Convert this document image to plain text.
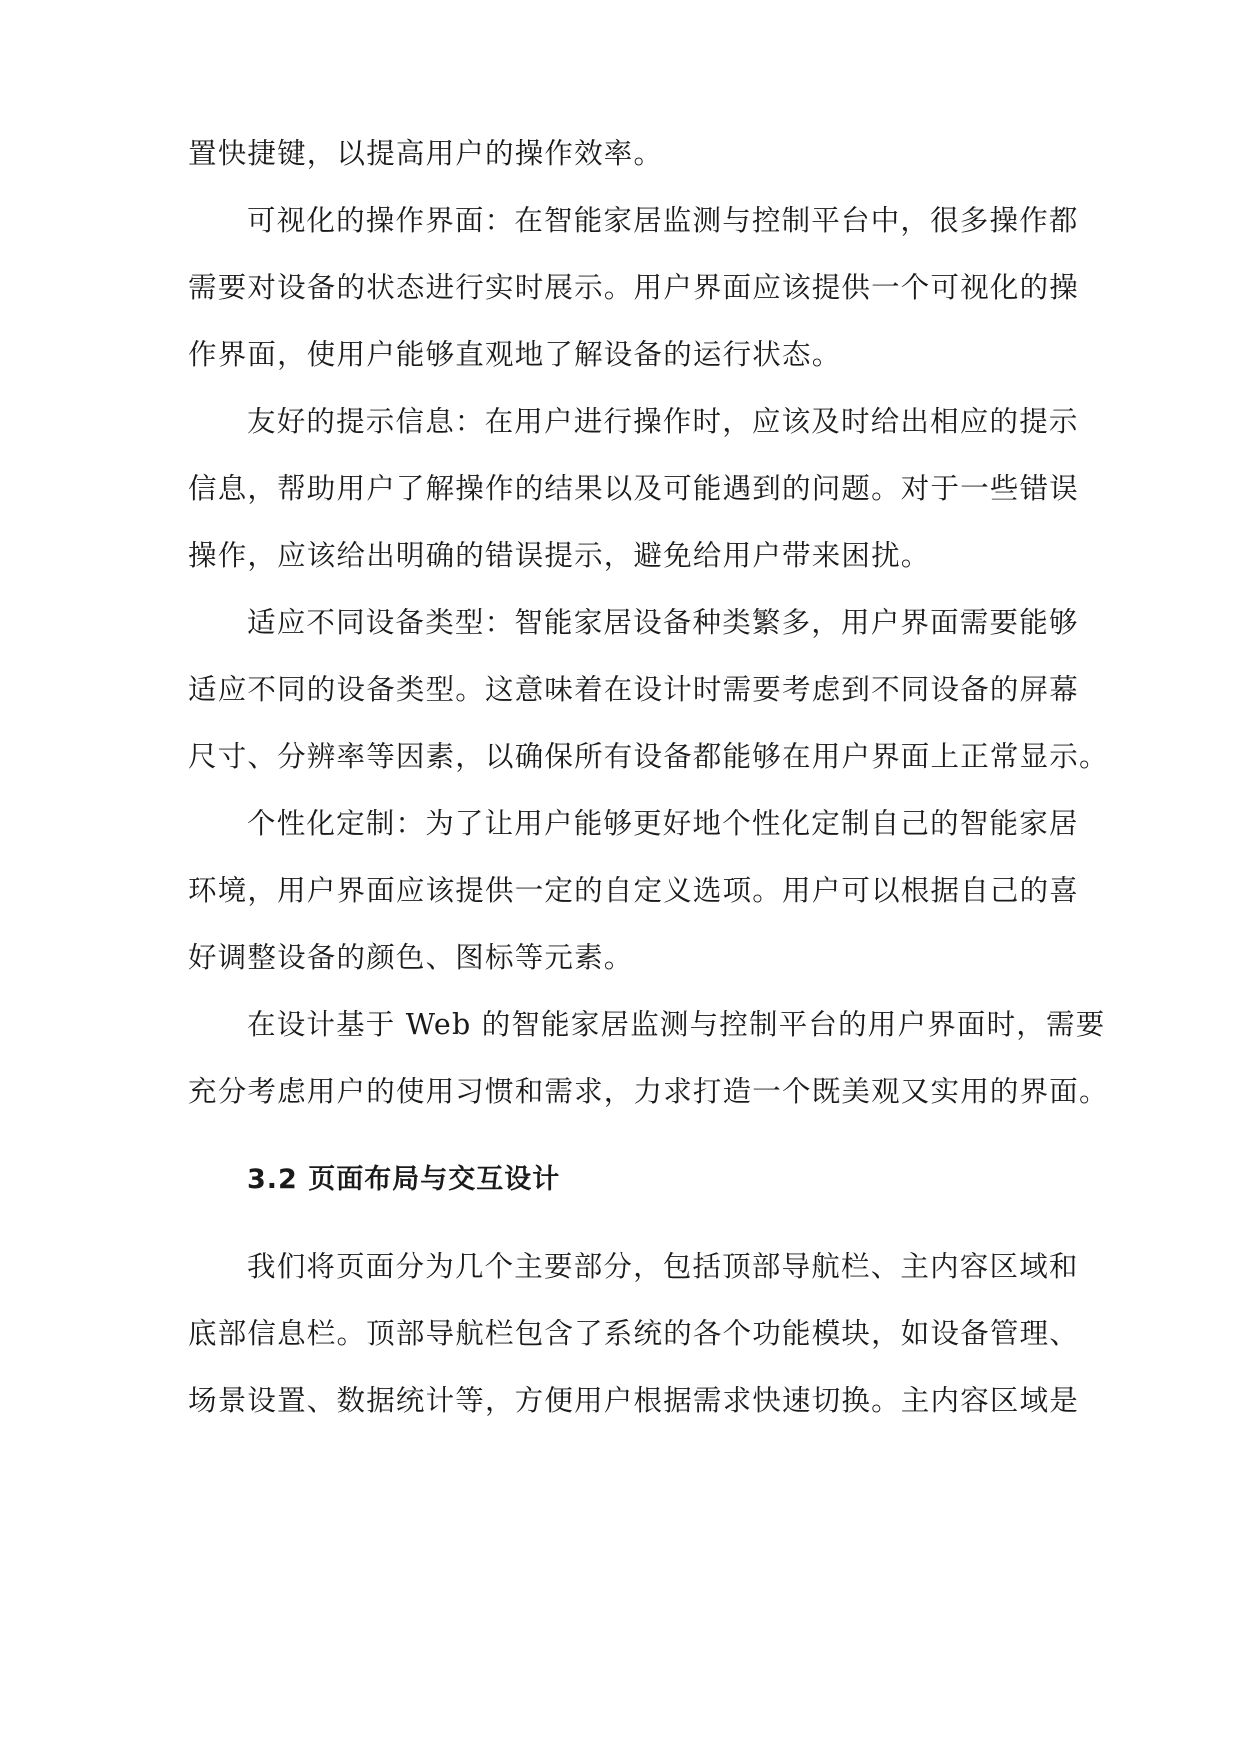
置快捷键，以提高用户的操作效率。
可视化的操作界面：在智能家居监测与控制平台中，很多操作都
需要对设备的状态进行实时展示。用户界面应该提供一个可视化的操
作界面，使用户能够直观地了解设备的运行状态。
友好的提示信息：在用户进行操作时，应该及时给出相应的提示
信息，帮助用户了解操作的结果以及可能遇到的问题。对于一些错误
操作，应该给出明确的错误提示，避免给用户带来困扰。
适应不同设备类型：智能家居设备种类繁多，用户界面需要能够
适应不同的设备类型。这意味着在设计时需要考虑到不同设备的屏幕
尺寸、分辨率等因素，以确保所有设备都能够在用户界面上正常显示。
个性化定制：为了让用户能够更好地个性化定制自己的智能家居
环境，用户界面应该提供一定的自定义选项。用户可以根据自己的喜
好调整设备的颜色、图标等元素。
在设计基于 Web 的智能家居监测与控制平台的用户界面时，需要
充分考虑用户的使用习惯和需求，力求打造一个既美观又实用的界面。
3.2 页面布局与交互设计
我们将页面分为几个主要部分，包括顶部导航栏、主内容区域和
底部信息栏。顶部导航栏包含了系统的各个功能模块，如设备管理、
场景设置、数据统计等，方便用户根据需求快速切换。主内容区域是
